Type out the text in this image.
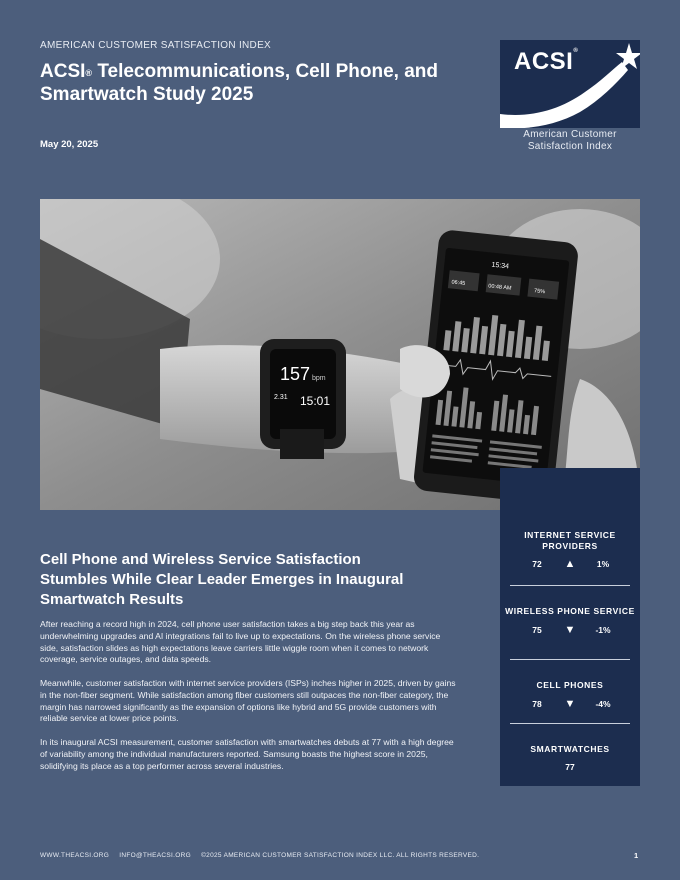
AMERICAN CUSTOMER SATISFACTION INDEX
ACSI® Telecommunications, Cell Phone, and Smartwatch Study 2025
May 20, 2025
ACSI®
American Customer
Satisfaction Index
157 bpm
2.31 15:01
15:34
06:45
00:48 AM	75%
Cell Phone and Wireless Service Satisfaction Stumbles While Clear Leader Emerges in Inaugural Smartwatch Results
After reaching a record high in 2024, cell phone user satisfaction takes a big step back this year as underwhelming upgrades and AI integrations fail to live up to expectations. On the wireless phone service side, satisfaction slides as high expectations leave carriers little wiggle room when it comes to network coverage, service outages, and data speeds.
Meanwhile, customer satisfaction with internet service providers (ISPs) inches higher in 2025, driven by gains in the non-fiber segment. While satisfaction among fiber customers still outpaces the non-fiber category, the margin has narrowed significantly as the expansion of options like hybrid and 5G provide customers with reliable service at lower price points.
In its inaugural ACSI measurement, customer satisfaction with smartwatches debuts at 77 with a high degree of variability among the individual manufacturers reported. Samsung boasts the highest score in 2025, solidifying its place as a top performer across several industries.
INTERNET SERVICE PROVIDERS
72	▲	1%
WIRELESS PHONE SERVICE
75	▼	-1%
CELL PHONES
78	▼	-4%
SMARTWATCHES
77
WWW.THEACSI.ORG INFO@THEACSI.ORG ©2025 AMERICAN CUSTOMER SATISFACTION INDEX LLC. ALL RIGHTS RESERVED.	1
